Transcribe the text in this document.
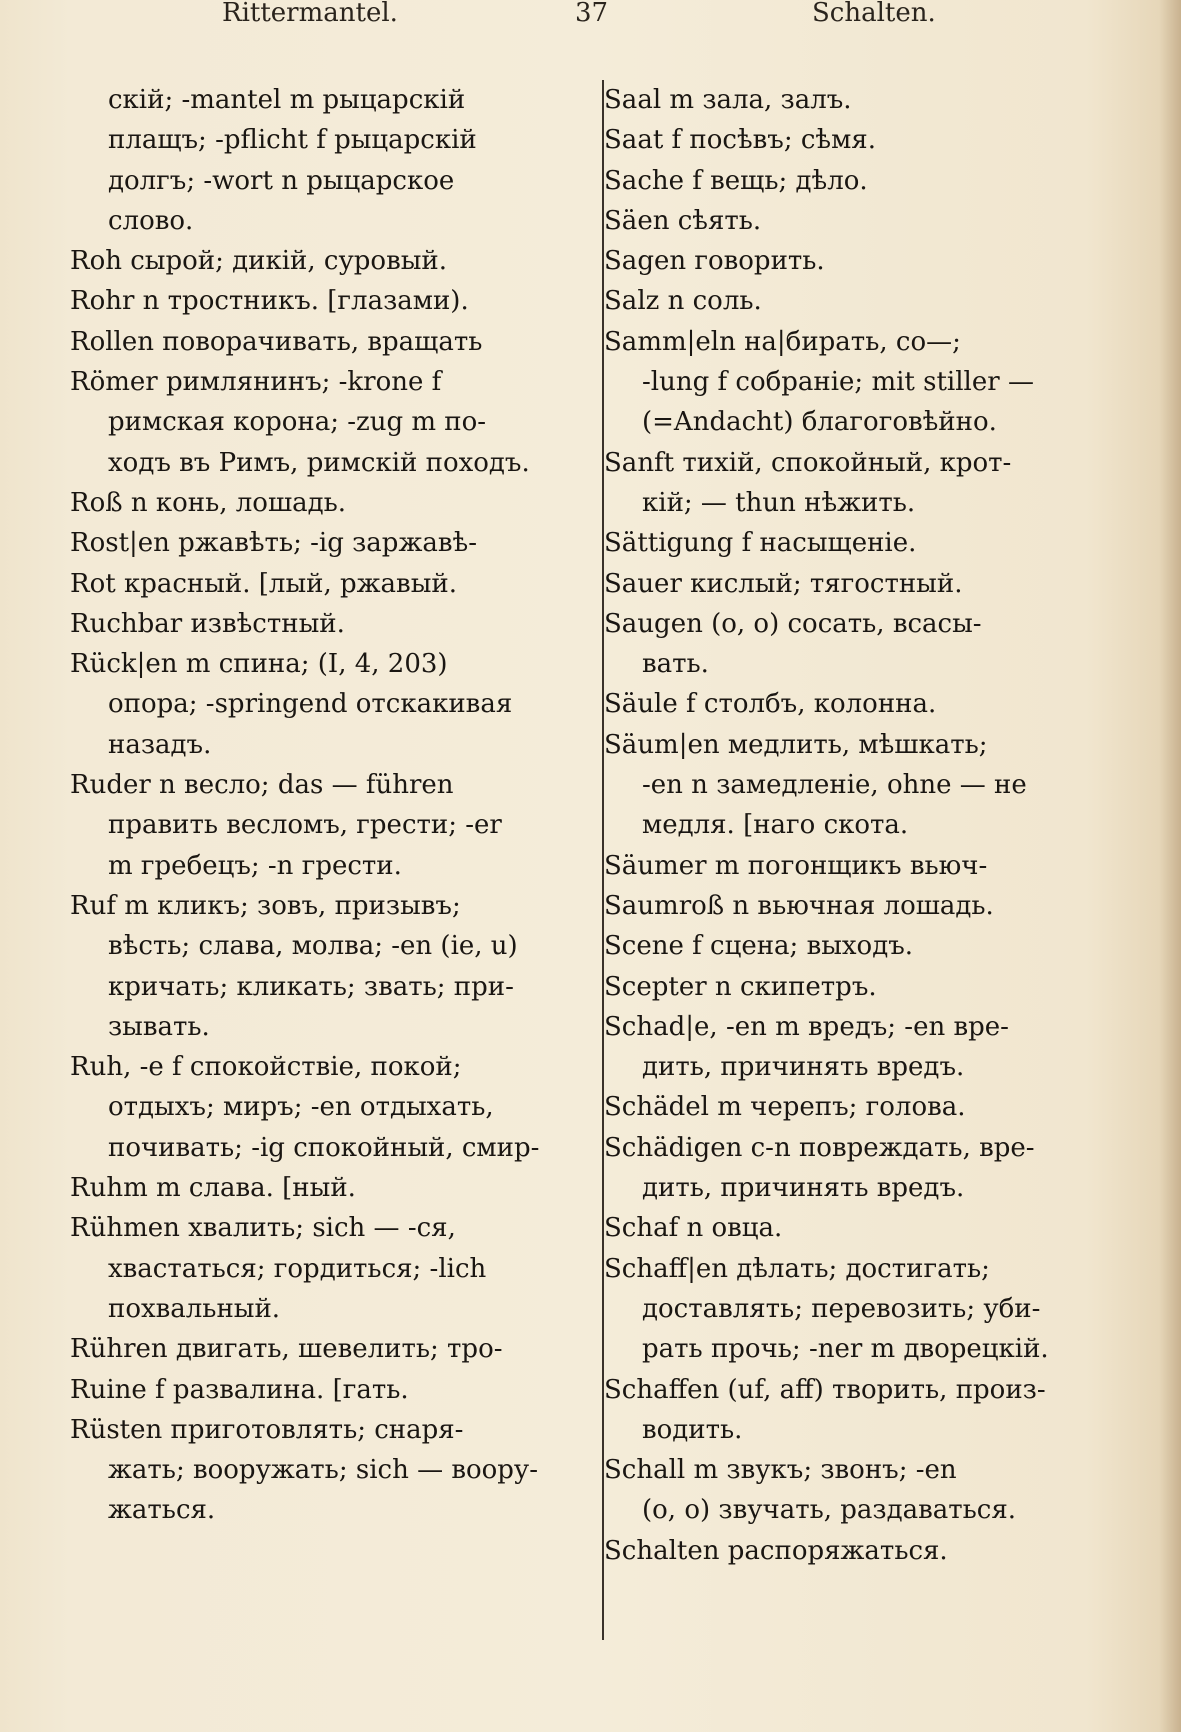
Rittermantel.	37	Schalten.
скій; -mantel m рыцарскій
плащъ; -pflicht f рыцарскій
долгъ; -wort n рыцарское
слово.
Roh сырой; дикій, суровый.
Rohr n тростникъ. [глазами).
Rollen поворачивать, вращать
Römer римлянинъ; -krone f
римская корона; -zug m по-
ходъ въ Римъ, римскій походъ.
Roß n конь, лошадь.
Rost|en ржавѣть; -ig заржавѣ-
Rot красный. [лый, ржавый.
Ruchbar извѣстный.
Rück|en m спина; (I, 4, 203)
опора; -springend отскакивая
назадъ.
Ruder n весло; das — führen
править весломъ, грести; -er
m гребецъ; -n грести.
Ruf m кликъ; зовъ, призывъ;
вѣсть; слава, молва; -en (ie, u)
кричать; кликать; звать; при-
зывать.
Ruh, -e f спокойствіе, покой;
отдыхъ; миръ; -en отдыхать,
почивать; -ig спокойный, смир-
Ruhm m слава. [ный.
Rühmen хвалить; sich — -ся,
хвастаться; гордиться; -lich
похвальный.
Rühren двигать, шевелить; тро-
Ruine f развалина. [гать.
Rüsten приготовлять; снаря-
жать; вооружать; sich — воору-
жаться.
Saal m зала, залъ.
Saat f посѣвъ; сѣмя.
Sache f вещь; дѣло.
Säen сѣять.
Sagen говорить.
Salz n соль.
Samm|eln на|бирать, со—;
-lung f собраніе; mit stiller —
(=Andacht) благоговѣйно.
Sanft тихій, спокойный, крот-
кій; — thun нѣжить.
Sättigung f насыщеніе.
Sauer кислый; тягостный.
Saugen (o, o) сосать, всасы-
вать.
Säule f столбъ, колонна.
Säum|en медлить, мѣшкать;
-en n замедленіе, ohne — не
медля. [наго скота.
Säumer m погонщикъ вьюч-
Saumroß n вьючная лошадь.
Scene f сцена; выходъ.
Scepter n скипетръ.
Schad|e, -en m вредъ; -en вре-
дить, причинять вредъ.
Schädel m черепъ; голова.
Schädigen c-n повреждать, вре-
дить, причинять вредъ.
Schaf n овца.
Schaff|en дѣлать; достигать;
доставлять; перевозить; уби-
рать прочь; -ner m дворецкій.
Schaffen (uf, aff) творить, произ-
водить.
Schall m звукъ; звонъ; -en
(o, o) звучать, раздаваться.
Schalten распоряжаться.
